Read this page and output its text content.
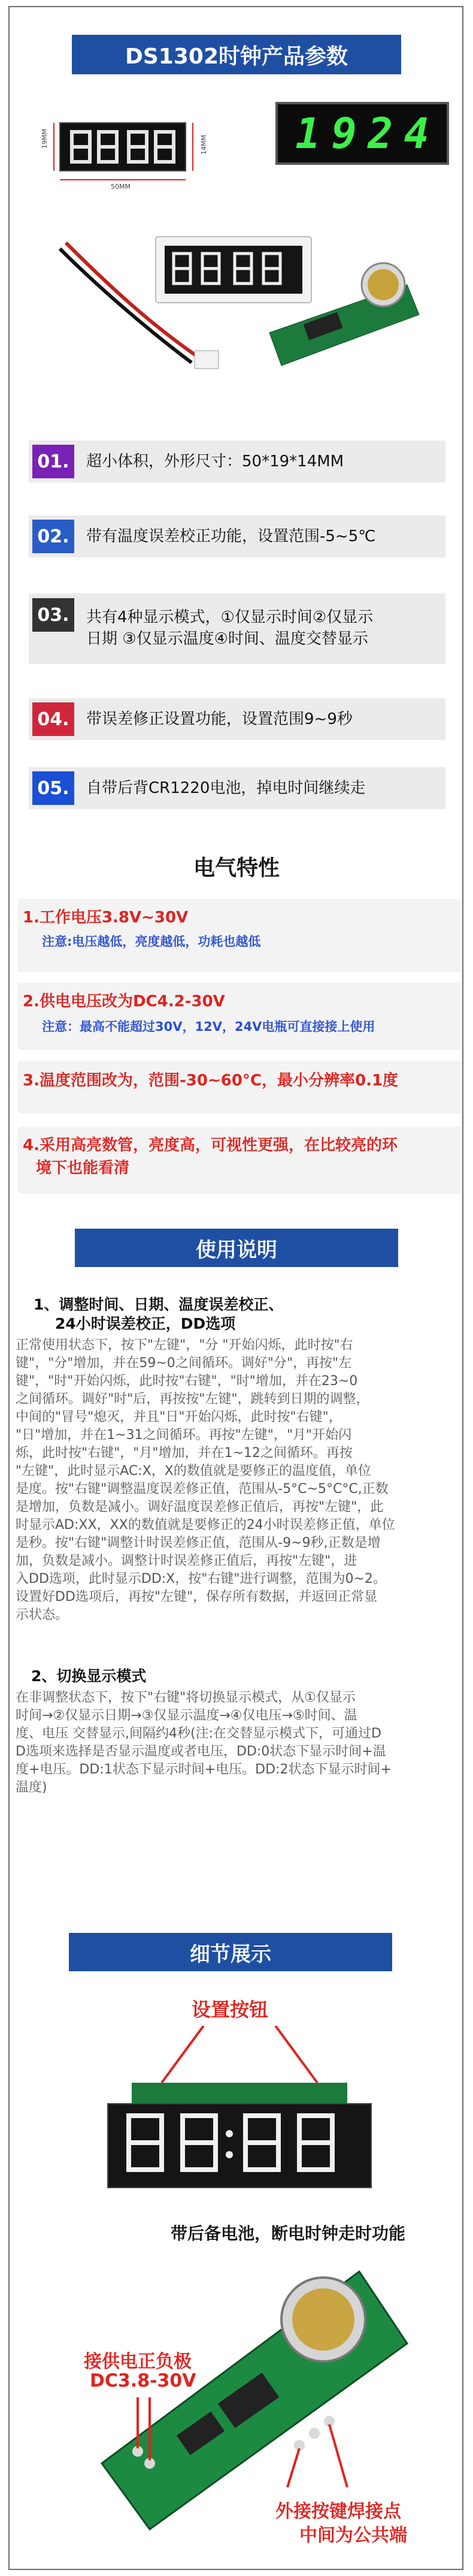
DS1302时钟产品参数
19MM	14MM
50MM
1 9 2 4
01.	超小体积，外形尺寸：50*19*14MM
02.	带有温度误差校正功能，设置范围-5~5℃
03.	共有4种显示模式，①仅显示时间②仅显示
日期 ③仅显示温度④时间、温度交替显示
04.	带误差修正设置功能，设置范围9~9秒
05.	自带后背CR1220电池，掉电时间继续走
电气特性
1.工作电压3.8V~30V
注意:电压越低，亮度越低，功耗也越低
2.供电电压改为DC4.2-30V
注意：最高不能超过30V，12V，24V电瓶可直接接上使用
3.温度范围改为，范围-30~60°C，最小分辨率0.1度
4.采用高亮数管，亮度高，可视性更强，在比较亮的环
境下也能看清
使用说明
1、调整时间、日期、温度误差校正、
24小时误差校正，DD选项
正常使用状态下，按下"左键"，"分 "开始闪烁，此时按"右
键"，"分"增加，并在59~0之间循环。调好"分"，再按"左
键"，"时"开始闪烁，此时按"右键"，"时"增加，并在23~0
之间循环。调好"时"后，再按按"左键"，跳转到日期的调整，
中间的"冒号"熄灭，并且"日"开始闪烁，此时按"右键"，
"日"增加，并在1~31之间循环。再按"左键"，"月"开始闪
烁，此时按"右键"，"月"增加，并在1~12之间循环。再按
"左键"，此时显示AC:X，X的数值就是要修正的温度值，单位
是度。按"右键"调整温度误差修正值，范围从-5°C~5°C°C,正数
是增加，负数是减小。调好温度误差修正值后，再按"左键"，此
时显示AD:XX，XX的数值就是要修正的24小时误差修正值，单位
是秒。按"右键"调整计时误差修正值，范围从-9~9秒,正数是增
加，负数是减小。调整计时误差修正值后，再按"左键"，进
入DD选项，此时显示DD:X，按"右键"进行调整，范围为0~2。
设置好DD选项后，再按"左键"，保存所有数据，并返回正常显
示状态。
2、切换显示模式
在非调整状态下，按下"右键"将切换显示模式，从①仅显示
时间→②仅显示日期→③仅显示温度→④仅电压→⑤时间、温
度、电压 交替显示,间隔约4秒(注:在交替显示模式下，可通过D
D选项来选择是否显示温度或者电压，DD:0状态下显示时间+温
度+电压。DD:1状态下显示时间+电压。DD:2状态下显示时间+
温度)
细节展示
设置按钮
带后备电池，断电时钟走时功能
接供电正负极
DC3.8-30V
外接按键焊接点
中间为公共端
